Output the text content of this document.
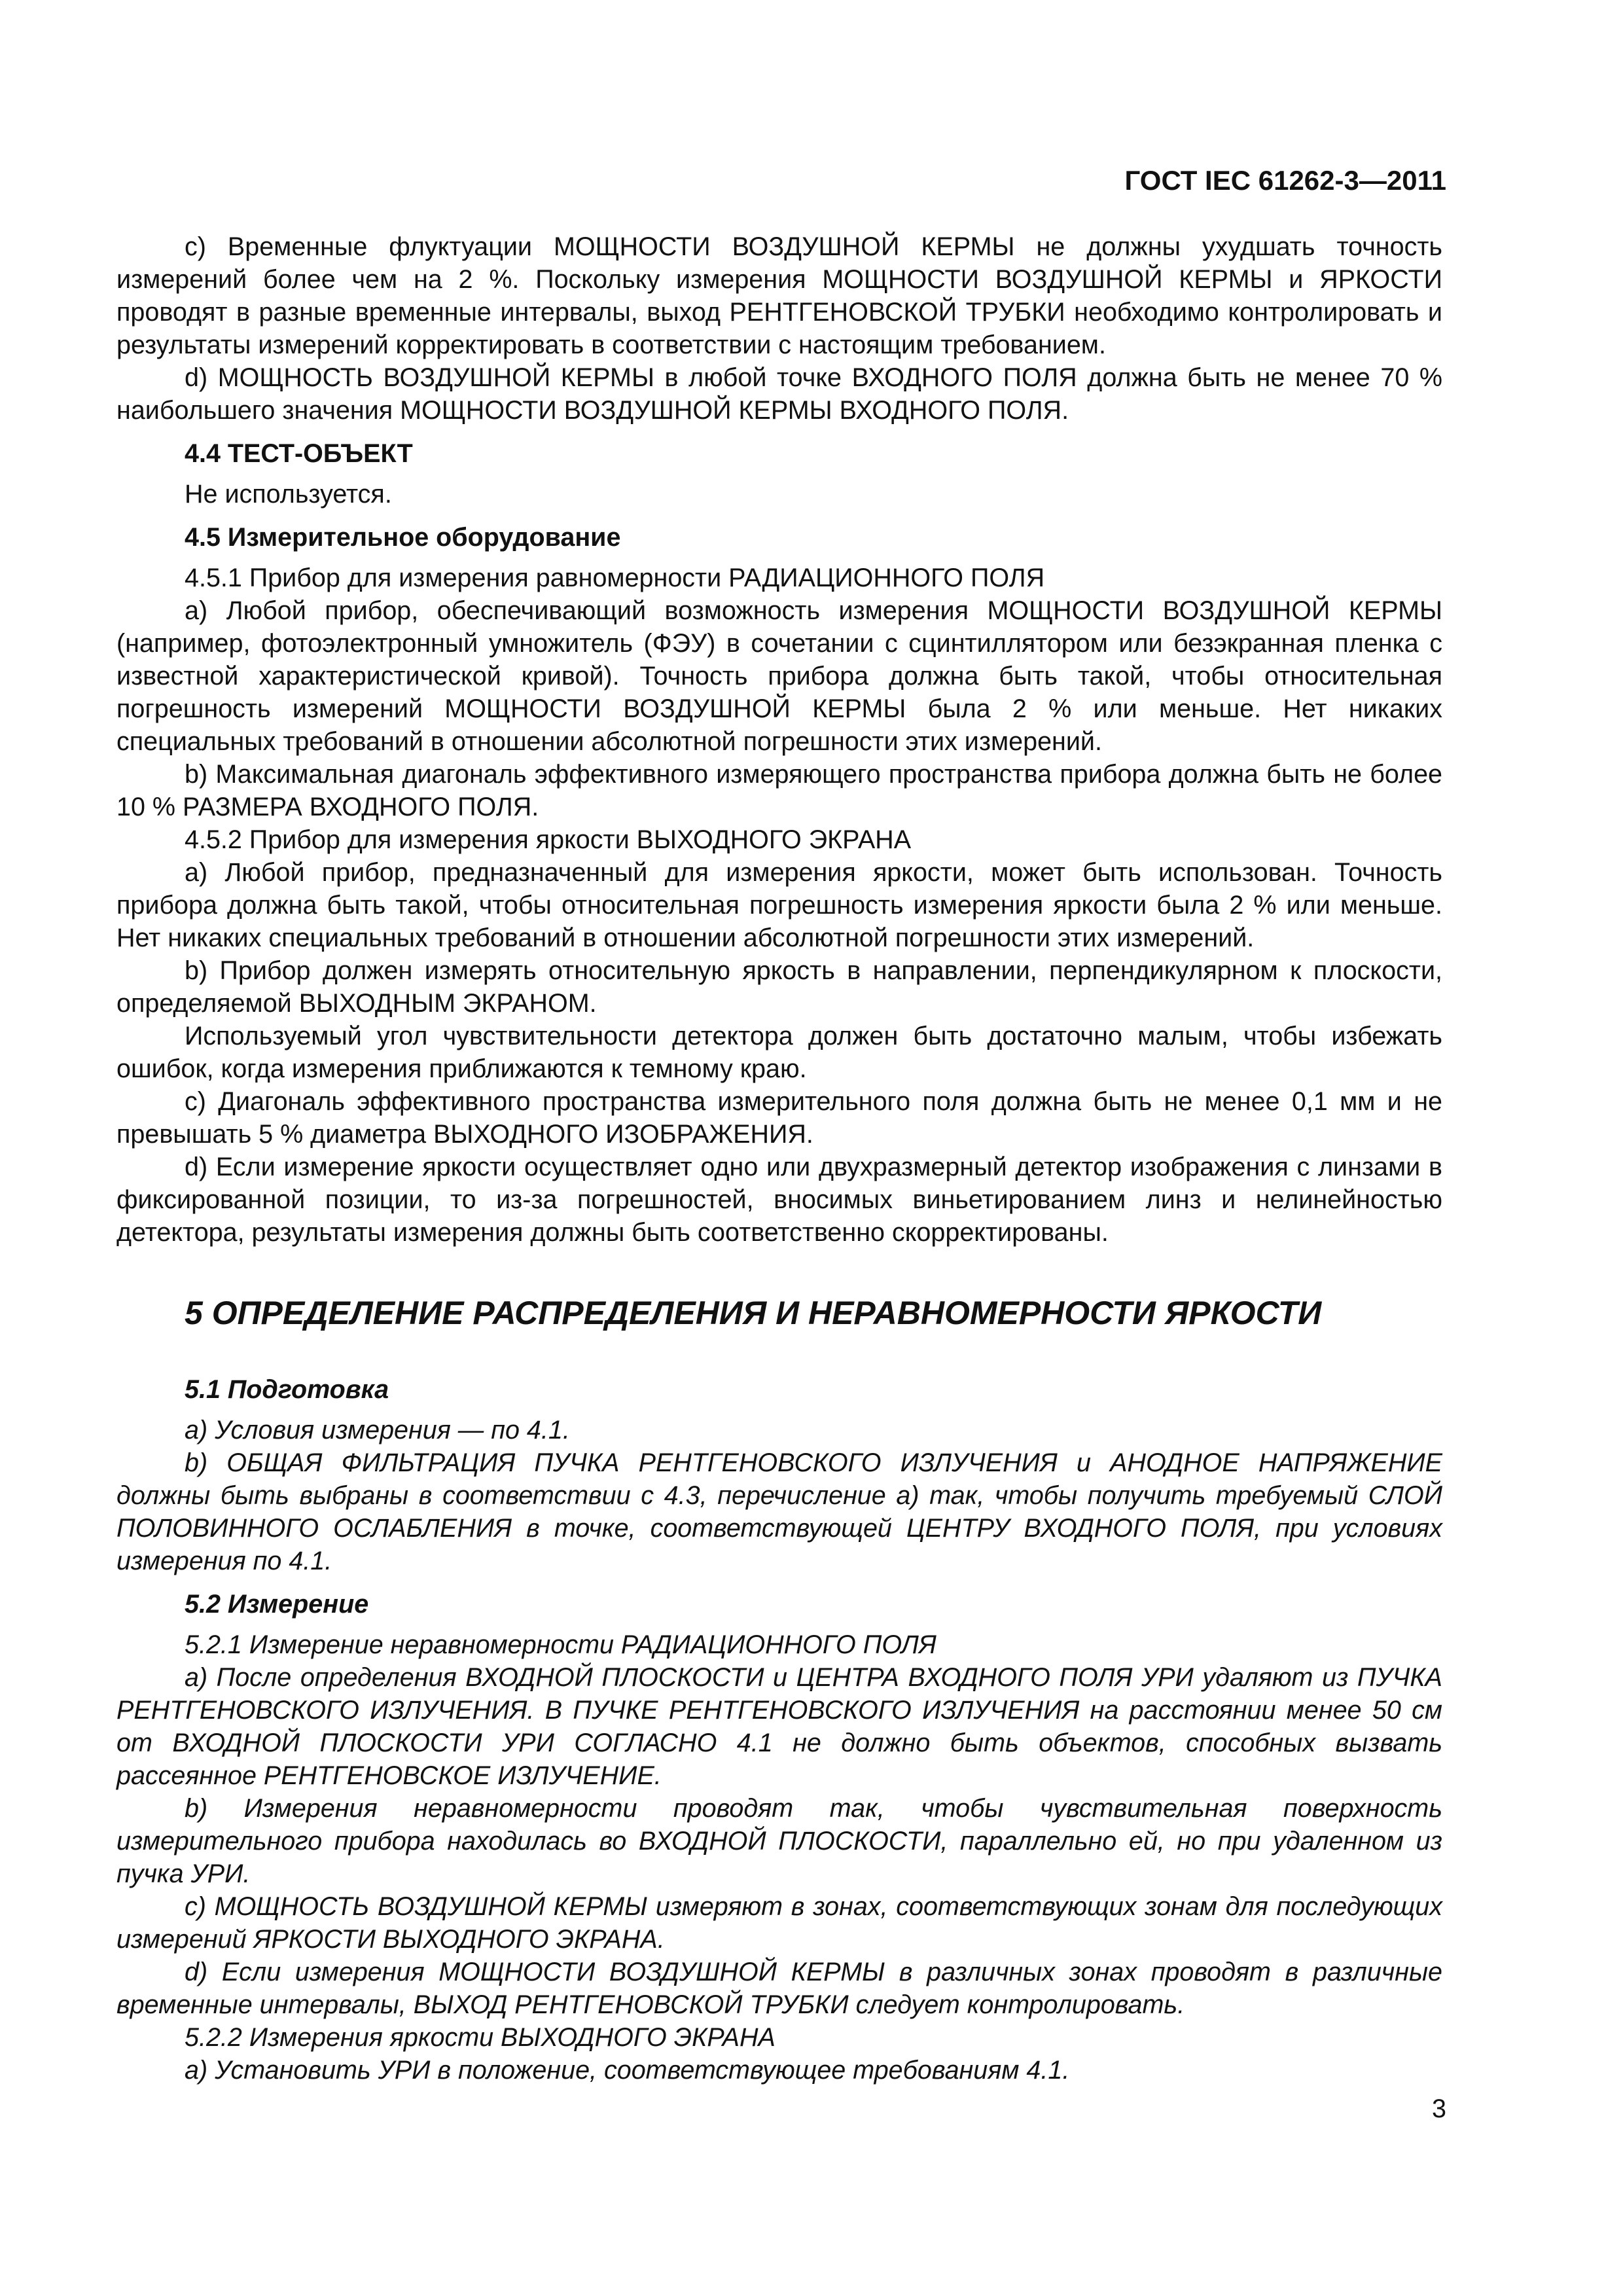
ГОСТ IEC 61262-3—2011

c) Временные флуктуации МОЩНОСТИ ВОЗДУШНОЙ КЕРМЫ не должны ухудшать точность измерений более чем на 2 %. Поскольку измерения МОЩНОСТИ ВОЗДУШНОЙ КЕРМЫ и ЯРКОСТИ проводят в разные временные интервалы, выход РЕНТГЕНОВСКОЙ ТРУБКИ необходимо контролировать и результаты измерений корректировать в соответствии с настоящим требованием.

d) МОЩНОСТЬ ВОЗДУШНОЙ КЕРМЫ в любой точке ВХОДНОГО ПОЛЯ должна быть не менее 70 % наибольшего значения МОЩНОСТИ ВОЗДУШНОЙ КЕРМЫ ВХОДНОГО ПОЛЯ.

4.4 ТЕСТ-ОБЪЕКТ

Не используется.

4.5 Измерительное оборудование

4.5.1 Прибор для измерения равномерности РАДИАЦИОННОГО ПОЛЯ

a) Любой прибор, обеспечивающий возможность измерения МОЩНОСТИ ВОЗДУШНОЙ КЕРМЫ (например, фотоэлектронный умножитель (ФЭУ) в сочетании с сцинтиллятором или безэкранная пленка с известной характеристической кривой). Точность прибора должна быть такой, чтобы относительная погрешность измерений МОЩНОСТИ ВОЗДУШНОЙ КЕРМЫ была 2 % или меньше. Нет никаких специальных требований в отношении абсолютной погрешности этих измерений.

b) Максимальная диагональ эффективного измеряющего пространства прибора должна быть не более 10 % РАЗМЕРА ВХОДНОГО ПОЛЯ.

4.5.2 Прибор для измерения яркости ВЫХОДНОГО ЭКРАНА

a) Любой прибор, предназначенный для измерения яркости, может быть использован. Точность прибора должна быть такой, чтобы относительная погрешность измерения яркости была 2 % или меньше. Нет никаких специальных требований в отношении абсолютной погрешности этих измерений.

b) Прибор должен измерять относительную яркость в направлении, перпендикулярном к плоскости, определяемой ВЫХОДНЫМ ЭКРАНОМ.

Используемый угол чувствительности детектора должен быть достаточно малым, чтобы избежать ошибок, когда измерения приближаются к темному краю.

c) Диагональ эффективного пространства измерительного поля должна быть не менее 0,1 мм и не превышать 5 % диаметра ВЫХОДНОГО ИЗОБРАЖЕНИЯ.

d) Если измерение яркости осуществляет одно или двухразмерный детектор изображения с линзами в фиксированной позиции, то из-за погрешностей, вносимых виньетированием линз и нелинейностью детектора, результаты измерения должны быть соответственно скорректированы.

5 ОПРЕДЕЛЕНИЕ РАСПРЕДЕЛЕНИЯ И НЕРАВНОМЕРНОСТИ ЯРКОСТИ
5.1 Подготовка

a) Условия измерения — по 4.1.

b) ОБЩАЯ ФИЛЬТРАЦИЯ ПУЧКА РЕНТГЕНОВСКОГО ИЗЛУЧЕНИЯ и АНОДНОЕ НАПРЯЖЕНИЕ должны быть выбраны в соответствии с 4.3, перечисление a) так, чтобы получить требуемый СЛОЙ ПОЛОВИННОГО ОСЛАБЛЕНИЯ в точке, соответствующей ЦЕНТРУ ВХОДНОГО ПОЛЯ, при условиях измерения по 4.1.

5.2 Измерение

5.2.1 Измерение неравномерности РАДИАЦИОННОГО ПОЛЯ

a) После определения ВХОДНОЙ ПЛОСКОСТИ и ЦЕНТРА ВХОДНОГО ПОЛЯ УРИ удаляют из ПУЧКА РЕНТГЕНОВСКОГО ИЗЛУЧЕНИЯ. В ПУЧКЕ РЕНТГЕНОВСКОГО ИЗЛУЧЕНИЯ на расстоянии менее 50 см от ВХОДНОЙ ПЛОСКОСТИ УРИ СОГЛАСНО 4.1 не должно быть объектов, способных вызвать рассеянное РЕНТГЕНОВСКОЕ ИЗЛУЧЕНИЕ.

b) Измерения неравномерности проводят так, чтобы чувствительная поверхность измерительного прибора находилась во ВХОДНОЙ ПЛОСКОСТИ, параллельно ей, но при удаленном из пучка УРИ.

c) МОЩНОСТЬ ВОЗДУШНОЙ КЕРМЫ измеряют в зонах, соответствующих зонам для последующих измерений ЯРКОСТИ ВЫХОДНОГО ЭКРАНА.

d) Если измерения МОЩНОСТИ ВОЗДУШНОЙ КЕРМЫ в различных зонах проводят в различные временные интервалы, ВЫХОД РЕНТГЕНОВСКОЙ ТРУБКИ следует контролировать.

5.2.2 Измерения яркости ВЫХОДНОГО ЭКРАНА

a) Установить УРИ в положение, соответствующее требованиям 4.1.

3
